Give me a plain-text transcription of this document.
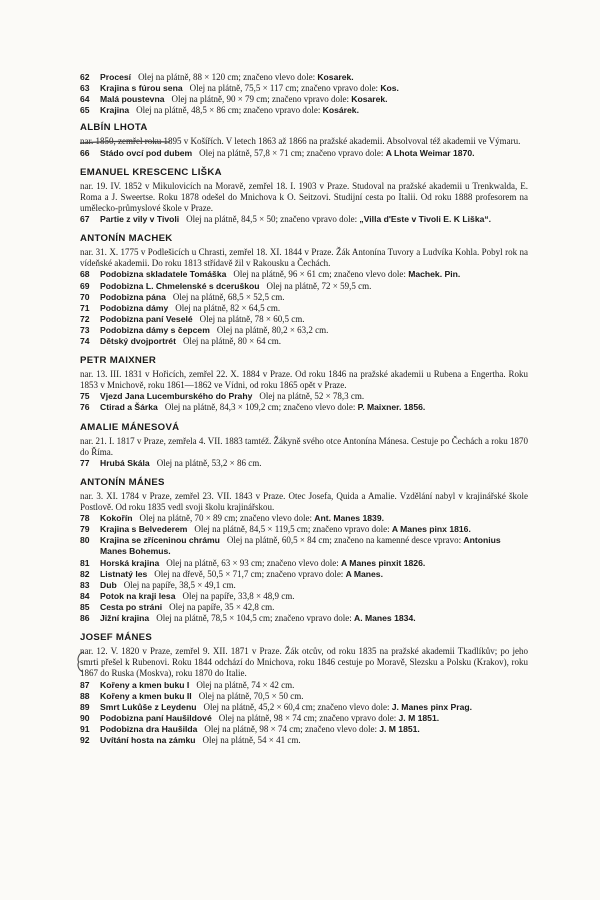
62 Procesí Olej na plátně, 88 × 120 cm; značeno vlevo dole: Kosarek.
63 Krajina s fúrou sena Olej na plátně, 75,5 × 117 cm; značeno vpravo dole: Kos.
64 Malá poustevna Olej na plátně, 90 × 79 cm; značeno vpravo dole: Kosarek.
65 Krajina Olej na plátně, 48,5 × 86 cm; značeno vpravo dole: Kosárek.
ALBÍN LHOTA
nar. 1850, zemřel roku 1895 v Košířích. V letech 1863 až 1866 na pražské akademii. Absolvoval též akademii ve Výmaru.
66 Stádo ovcí pod dubem Olej na plátně, 57,8 × 71 cm; značeno vpravo dole: A Lhota Weimar 1870.
EMANUEL KRESCENC LIŠKA
nar. 19. IV. 1852 v Mikulovicích na Moravě, zemřel 18. I. 1903 v Praze. Studoval na pražské akademii u Trenkwalda, E. Roma a J. Sweertse. Roku 1878 odešel do Mnichova k O. Seitzovi. Studijní cesta po Italii. Od roku 1888 profesorem na umělecko-průmyslové škole v Praze.
67 Partie z vily v Tivoli Olej na plátně, 84,5 × 50; značeno vpravo dole: „Villa d'Este v Tivoli E. K Liška“.
ANTONÍN MACHEK
nar. 31. X. 1775 v Podlešicích u Chrasti, zemřel 18. XI. 1844 v Praze. Žák Antonína Tuvory a Ludvíka Kohla. Pobyl rok na vídeňské akademii. Do roku 1813 střídavě žil v Rakousku a Čechách.
68 Podobizna skladatele Tomáška Olej na plátně, 96 × 61 cm; značeno vlevo dole: Machek. Pin.
69 Podobizna L. Chmelenské s dceruškou Olej na plátně, 72 × 59,5 cm.
70 Podobizna pána Olej na plátně, 68,5 × 52,5 cm.
71 Podobizna dámy Olej na plátně, 82 × 64,5 cm.
72 Podobizna paní Veselé Olej na plátně, 78 × 60,5 cm.
73 Podobizna dámy s čepcem Olej na plátně, 80,2 × 63,2 cm.
74 Dětský dvojportrét Olej na plátně, 80 × 64 cm.
PETR MAIXNER
nar. 13. III. 1831 v Hořicích, zemřel 22. X. 1884 v Praze. Od roku 1846 na pražské akademii u Rubena a Engertha. Roku 1853 v Mnichově, roku 1861—1862 ve Vídni, od roku 1865 opět v Praze.
75 Vjezd Jana Lucemburského do Prahy Olej na plátně, 52 × 78,3 cm.
76 Ctirad a Šárka Olej na plátně, 84,3 × 109,2 cm; značeno vlevo dole: P. Maixner. 1856.
AMALIE MÁNESOVÁ
nar. 21. I. 1817 v Praze, zemřela 4. VII. 1883 tamtéž. Žákyně svého otce Antonína Mánesa. Cestuje po Čechách a roku 1870 do Říma.
77 Hrubá Skála Olej na plátně, 53,2 × 86 cm.
ANTONÍN MÁNES
nar. 3. XI. 1784 v Praze, zemřel 23. VII. 1843 v Praze. Otec Josefa, Quida a Amalie. Vzdělání nabyl v krajinářské škole Postlově. Od roku 1835 vedl svoji školu krajinářskou.
78 Kokořín Olej na plátně, 70 × 89 cm; značeno vlevo dole: Ant. Manes 1839.
79 Krajina s Belvederem Olej na plátně, 84,5 × 119,5 cm; značeno vpravo dole: A Manes pinx 1816.
80 Krajina se zříceninou chrámu Olej na plátně, 60,5 × 84 cm; značeno na kamenné desce vpravo: Antonius Manes Bohemus.
81 Horská krajina Olej na plátně, 63 × 93 cm; značeno vlevo dole: A Manes pinxit 1826.
82 Listnatý les Olej na dřevě, 50,5 × 71,7 cm; značeno vpravo dole: A Manes.
83 Dub Olej na papíře, 38,5 × 49,1 cm.
84 Potok na kraji lesa Olej na papíře, 33,8 × 48,9 cm.
85 Cesta po stráni Olej na papíře, 35 × 42,8 cm.
86 Jižní krajina Olej na plátně, 78,5 × 104,5 cm; značeno vpravo dole: A. Manes 1834.
JOSEF MÁNES
nar. 12. V. 1820 v Praze, zemřel 9. XII. 1871 v Praze. Žák otcův, od roku 1835 na pražské akademii Tkadlíkův; po jeho smrti přešel k Rubenovi. Roku 1844 odchází do Mnichova, roku 1846 cestuje po Moravě, Slezsku a Polsku (Krakov), roku 1867 do Ruska (Moskva), roku 1870 do Italie.
87 Kořeny a kmen buku I Olej na plátně, 74 × 42 cm.
88 Kořeny a kmen buku II Olej na plátně, 70,5 × 50 cm.
89 Smrt Lukůše z Leydenu Olej na plátně, 45,2 × 60,4 cm; značeno vlevo dole: J. Manes pinx Prag.
90 Podobizna paní Haušildové Olej na plátně, 98 × 74 cm; značeno vpravo dole: J. M 1851.
91 Podobizna dra Haušilda Olej na plátně, 98 × 74 cm; značeno vlevo dole: J. M 1851.
92 Uvítání hosta na zámku Olej na plátně, 54 × 41 cm.
